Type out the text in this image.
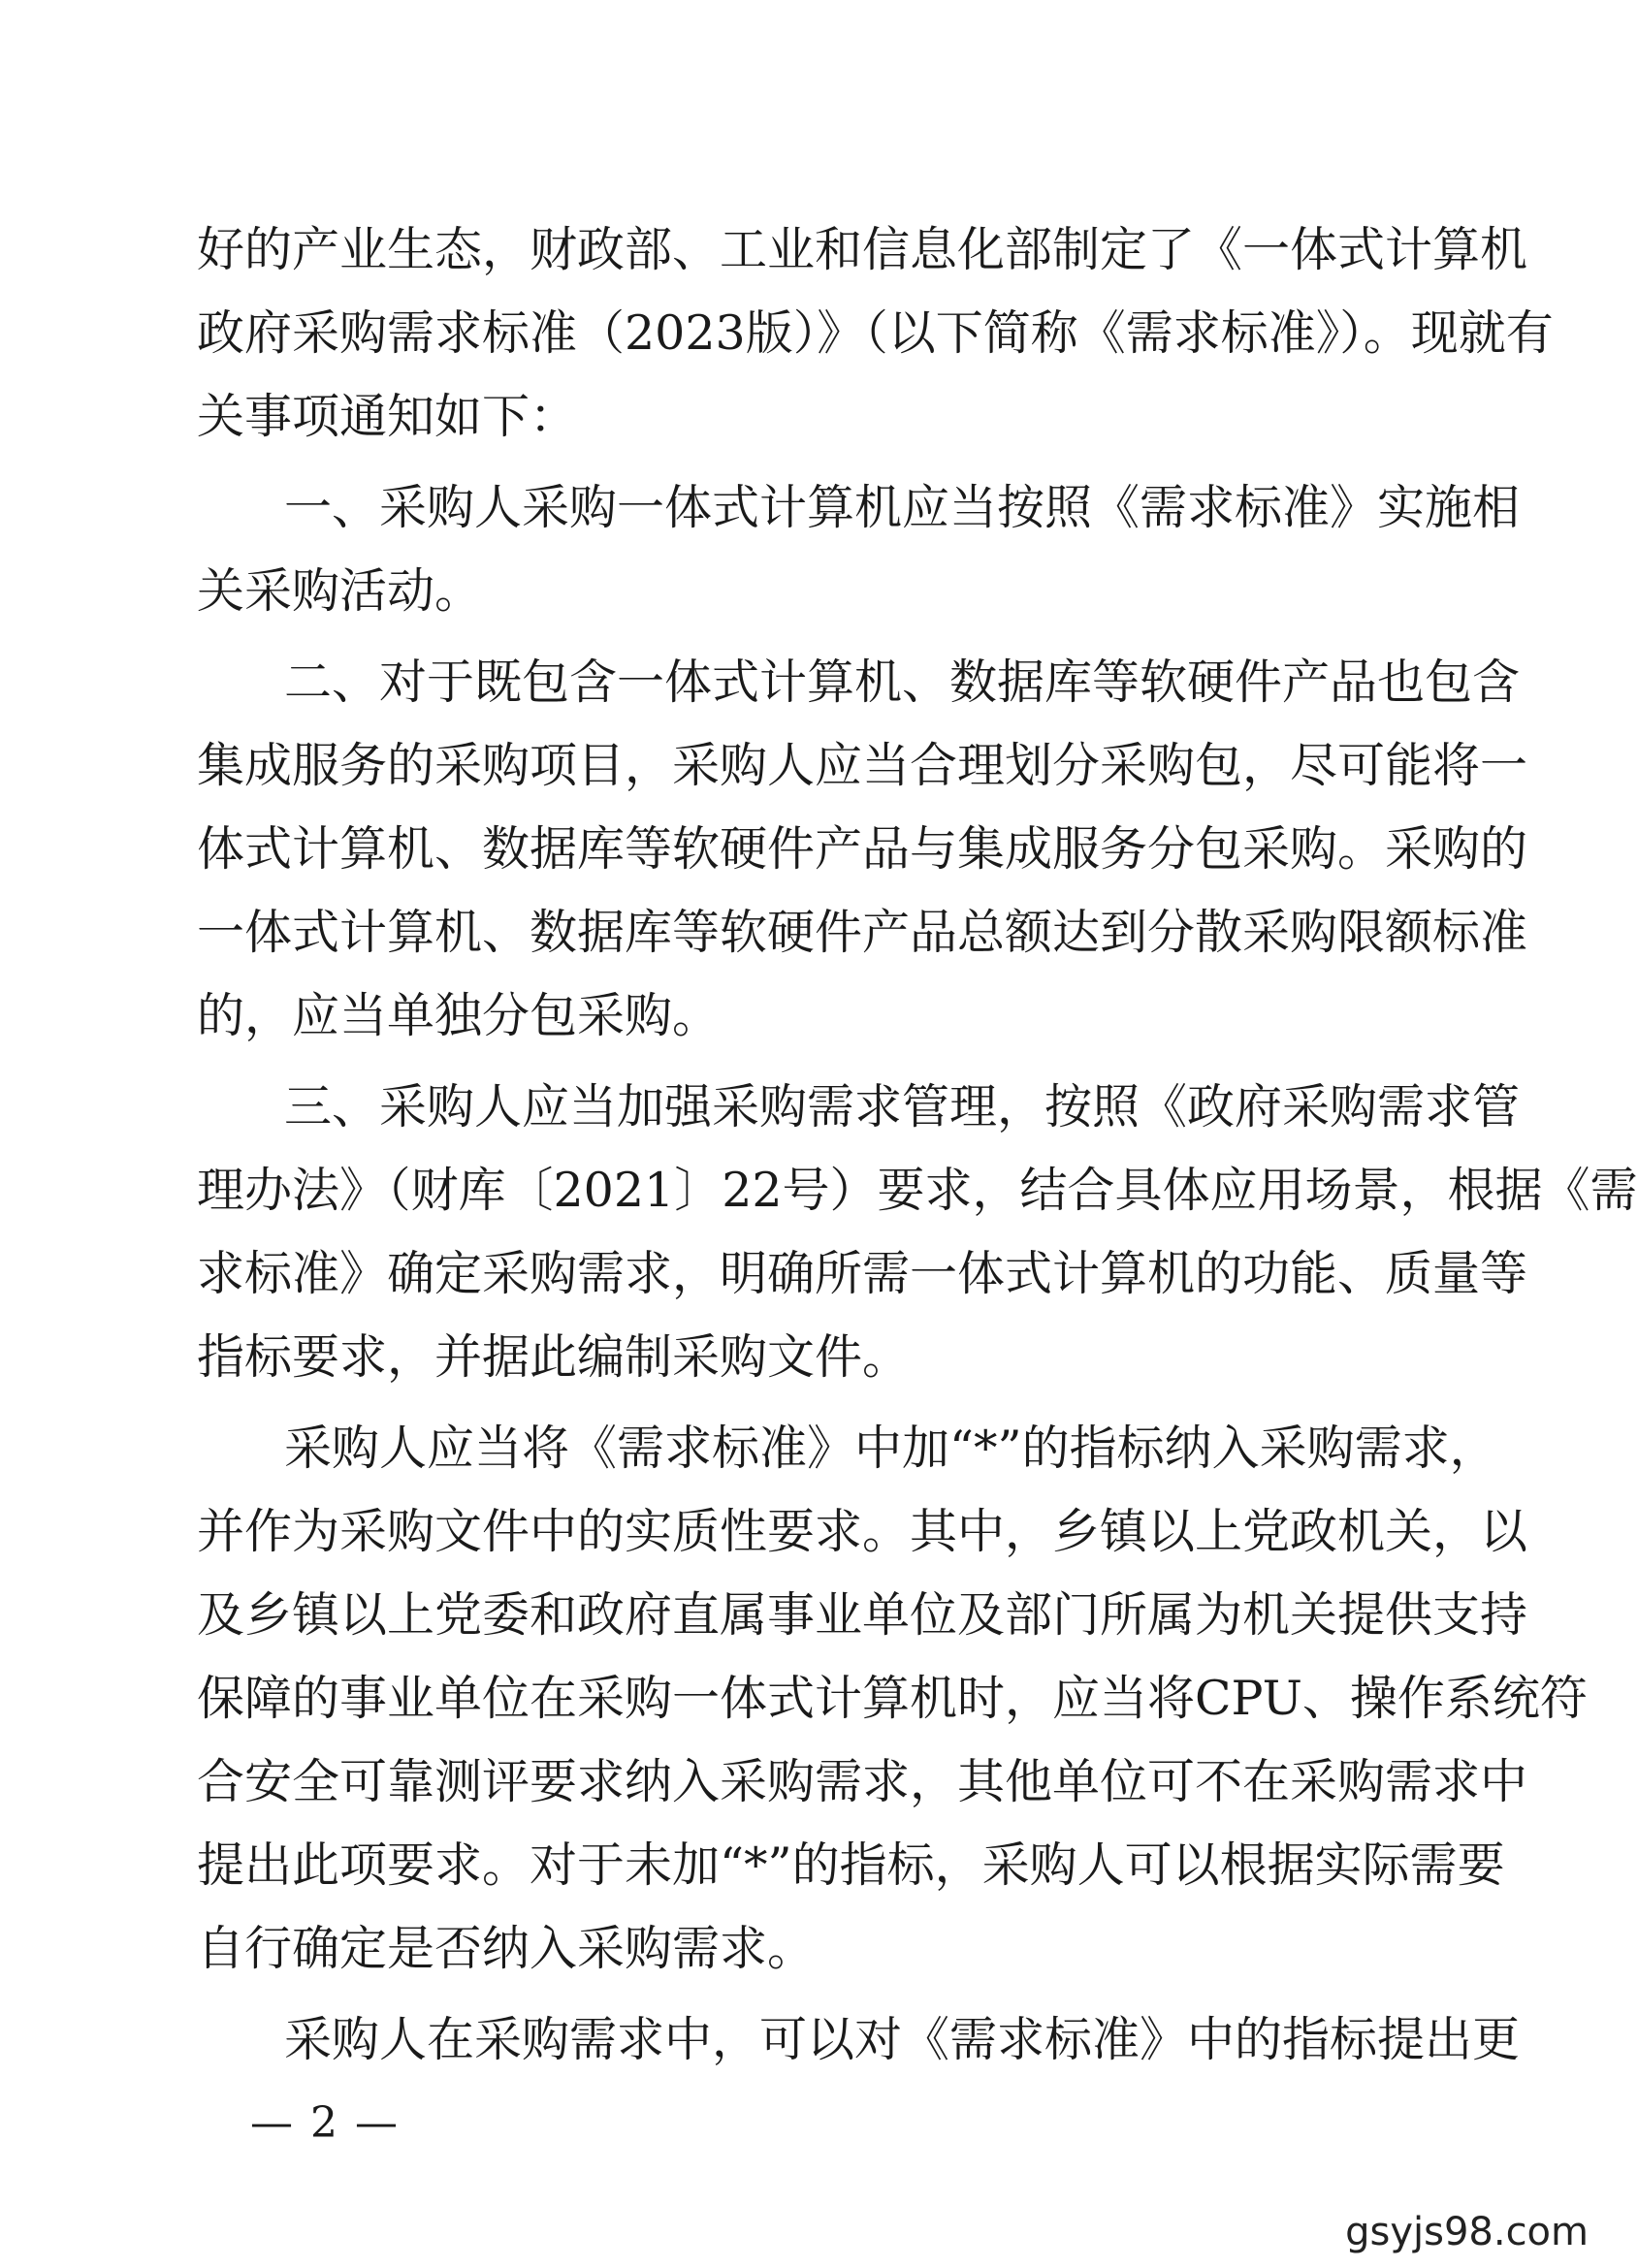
好的产业生态，财政部、工业和信息化部制定了《一体式计算机
政府采购需求标准（2023版）》（以下简称《需求标准》）。现就有
关事项通知如下：
一、采购人采购一体式计算机应当按照《需求标准》实施相
关采购活动。
二、对于既包含一体式计算机、数据库等软硬件产品也包含
集成服务的采购项目，采购人应当合理划分采购包，尽可能将一
体式计算机、数据库等软硬件产品与集成服务分包采购。采购的
一体式计算机、数据库等软硬件产品总额达到分散采购限额标准
的，应当单独分包采购。
三、采购人应当加强采购需求管理，按照《政府采购需求管
理办法》（财库〔2021〕22号）要求，结合具体应用场景，根据《需
求标准》确定采购需求，明确所需一体式计算机的功能、质量等
指标要求，并据此编制采购文件。
采购人应当将《需求标准》中加“*”的指标纳入采购需求，
并作为采购文件中的实质性要求。其中，乡镇以上党政机关，以
及乡镇以上党委和政府直属事业单位及部门所属为机关提供支持
保障的事业单位在采购一体式计算机时，应当将CPU、操作系统符
合安全可靠测评要求纳入采购需求，其他单位可不在采购需求中
提出此项要求。对于未加“*”的指标，采购人可以根据实际需要
自行确定是否纳入采购需求。
采购人在采购需求中，可以对《需求标准》中的指标提出更
— 2 —
gsyjs98.com
